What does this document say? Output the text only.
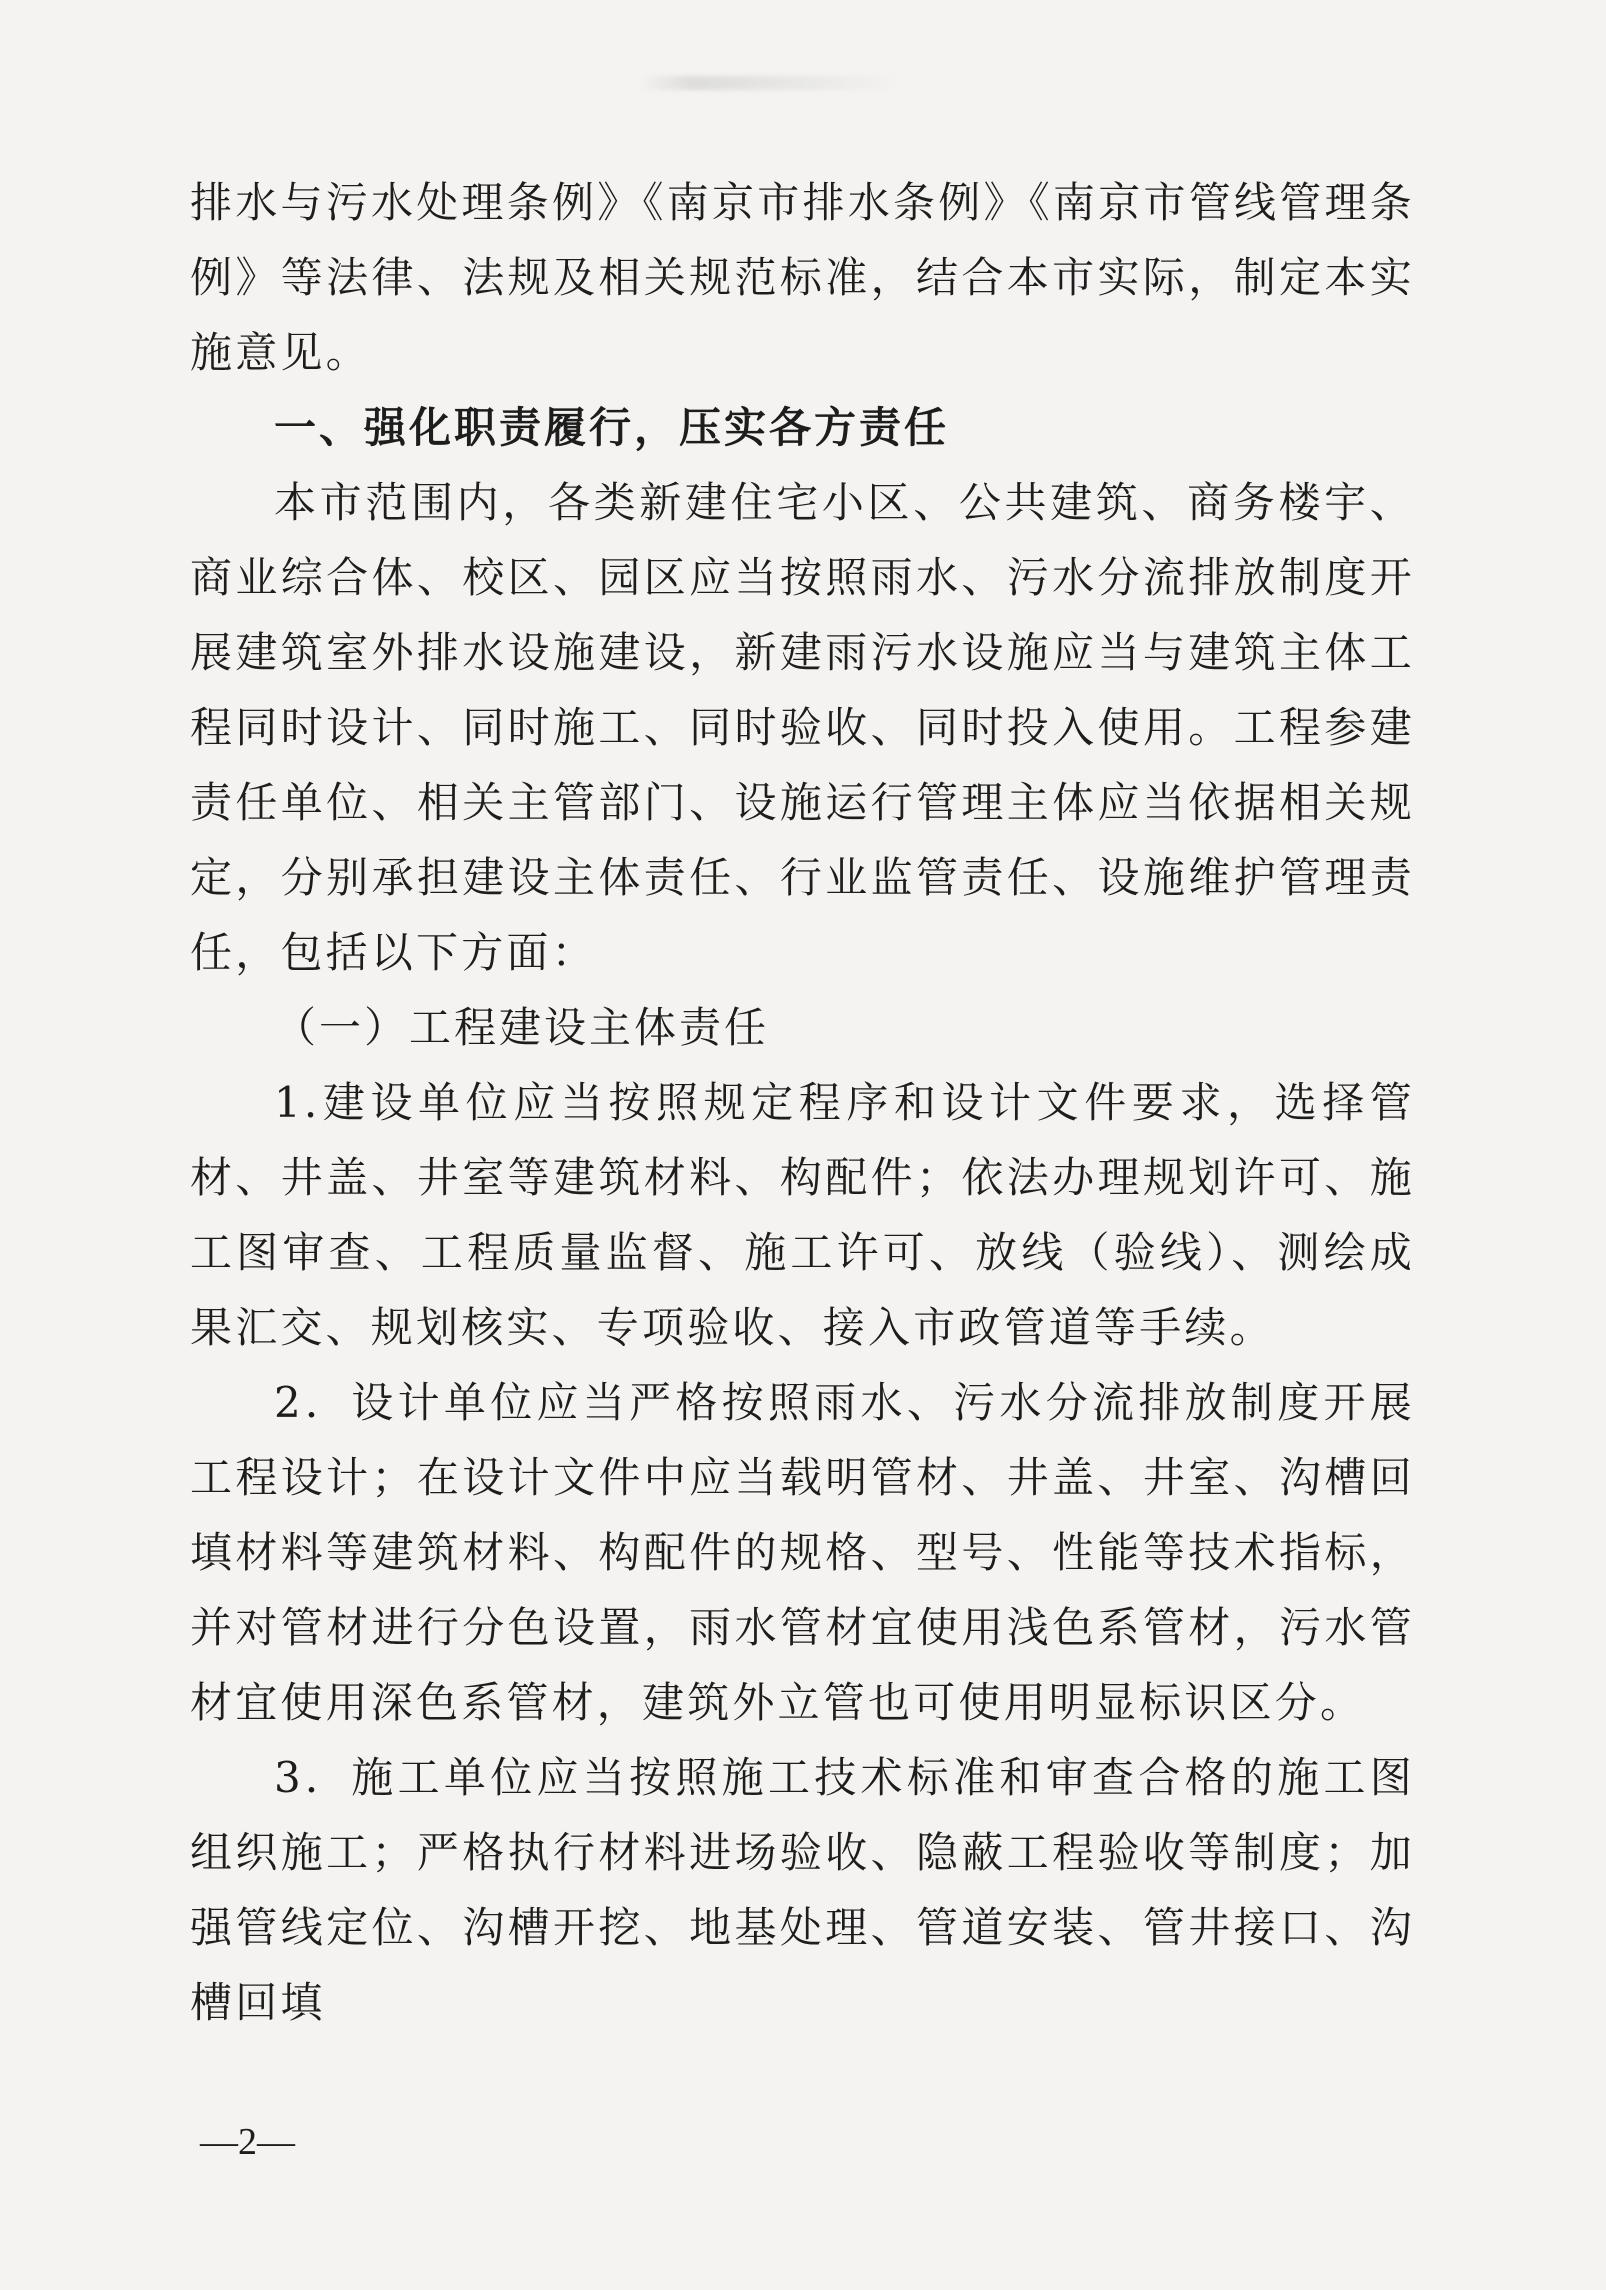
排水与污水处理条例》《南京市排水条例》《南京市管线管理条例》等法律、法规及相关规范标准，结合本市实际，制定本实施意见。

一、强化职责履行，压实各方责任

本市范围内，各类新建住宅小区、公共建筑、商务楼宇、商业综合体、校区、园区应当按照雨水、污水分流排放制度开展建筑室外排水设施建设，新建雨污水设施应当与建筑主体工程同时设计、同时施工、同时验收、同时投入使用。工程参建责任单位、相关主管部门、设施运行管理主体应当依据相关规定，分别承担建设主体责任、行业监管责任、设施维护管理责任，包括以下方面：

（一）工程建设主体责任

1.建设单位应当按照规定程序和设计文件要求，选择管材、井盖、井室等建筑材料、构配件；依法办理规划许可、施工图审查、工程质量监督、施工许可、放线（验线）、测绘成果汇交、规划核实、专项验收、接入市政管道等手续。

2．设计单位应当严格按照雨水、污水分流排放制度开展工程设计；在设计文件中应当载明管材、井盖、井室、沟槽回填材料等建筑材料、构配件的规格、型号、性能等技术指标，并对管材进行分色设置，雨水管材宜使用浅色系管材，污水管材宜使用深色系管材，建筑外立管也可使用明显标识区分。

3．施工单位应当按照施工技术标准和审查合格的施工图组织施工；严格执行材料进场验收、隐蔽工程验收等制度；加强管线定位、沟槽开挖、地基处理、管道安装、管井接口、沟槽回填

—2—
